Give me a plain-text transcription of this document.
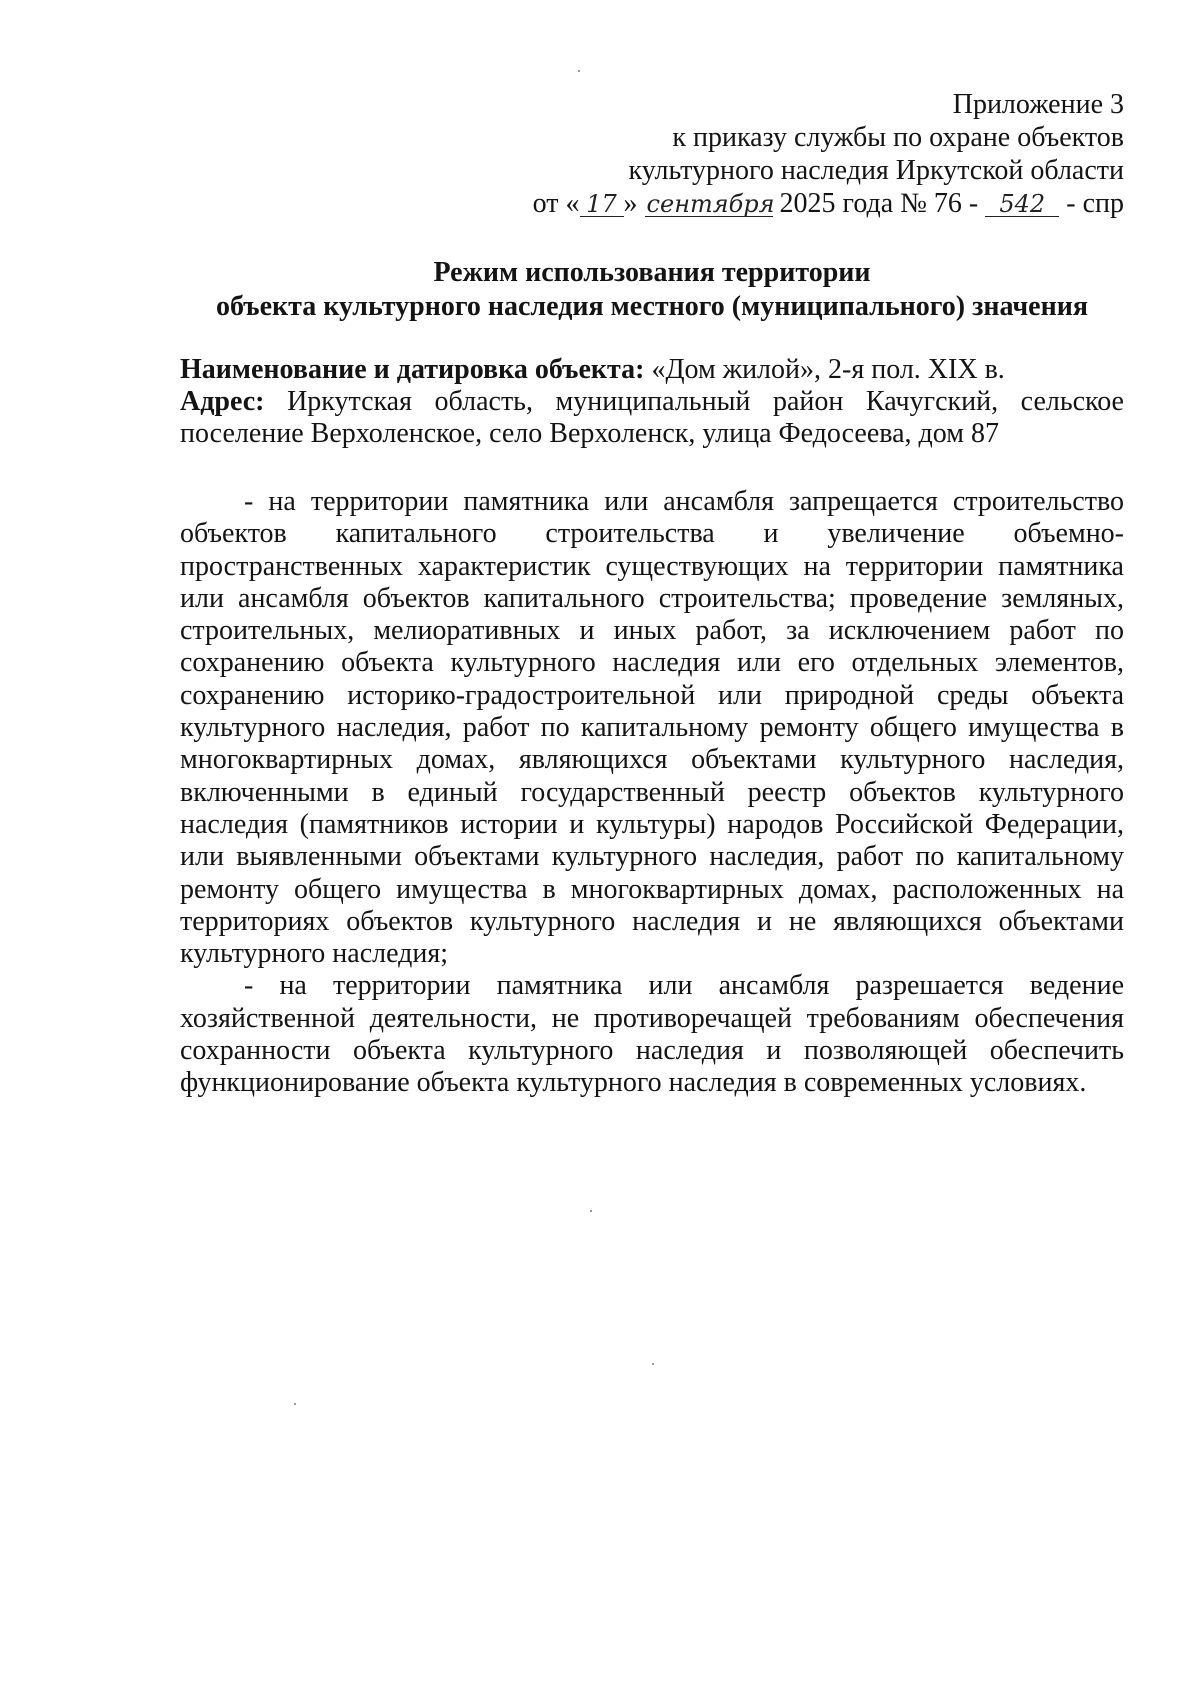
Приложение 3
к приказу службы по охране объектов
культурного наследия Иркутской области
от « 17 » сентября 2025 года № 76 - 542 - спр
Режим использования территории
объекта культурного наследия местного (муниципального) значения

Наименование и датировка объекта: «Дом жилой», 2-я пол. XIX в.

Адрес: Иркутская область, муниципальный район Качугский, сельское поселение Верхоленское, село Верхоленск, улица Федосеева, дом 87

- на территории памятника или ансамбля запрещается строительство объектов капитального строительства и увеличение объемно-пространственных характеристик существующих на территории памятника или ансамбля объектов капитального строительства; проведение земляных, строительных, мелиоративных и иных работ, за исключением работ по сохранению объекта культурного наследия или его отдельных элементов, сохранению историко-градостроительной или природной среды объекта культурного наследия, работ по капитальному ремонту общего имущества в многоквартирных домах, являющихся объектами культурного наследия, включенными в единый государственный реестр объектов культурного наследия (памятников истории и культуры) народов Российской Федерации, или выявленными объектами культурного наследия, работ по капитальному ремонту общего имущества в многоквартирных домах, расположенных на территориях объектов культурного наследия и не являющихся объектами культурного наследия;

- на территории памятника или ансамбля разрешается ведение хозяйственной деятельности, не противоречащей требованиям обеспечения сохранности объекта культурного наследия и позволяющей обеспечить функционирование объекта культурного наследия в современных условиях.
